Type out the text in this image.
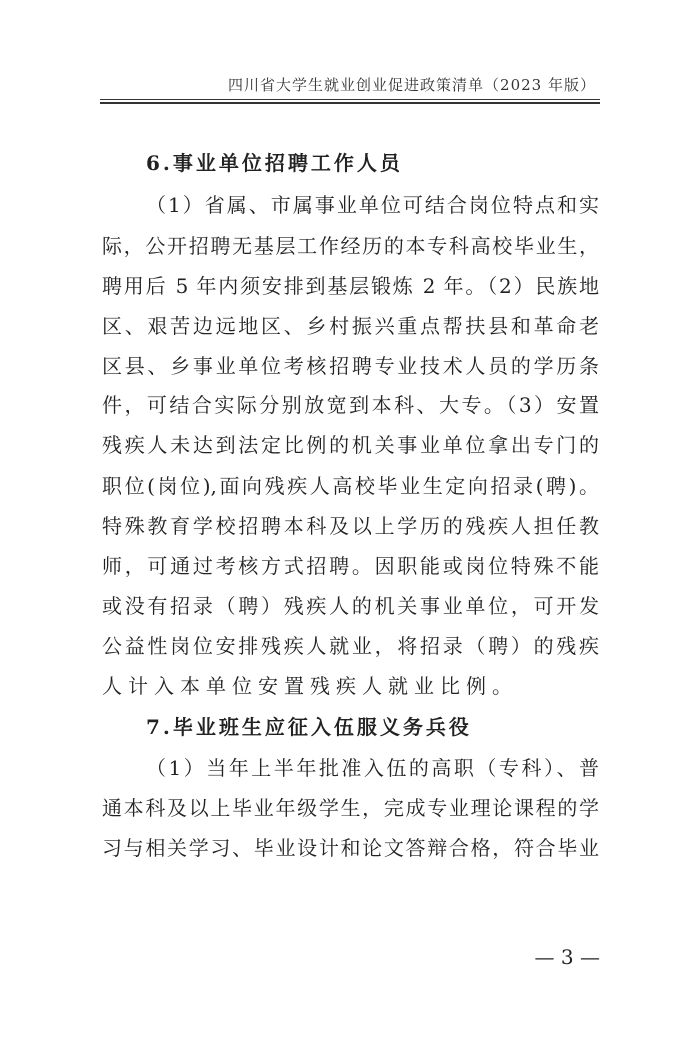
四川省大学生就业创业促进政策清单（2023 年版）
6.事业单位招聘工作人员
（1）省属、市属事业单位可结合岗位特点和实
际，公开招聘无基层工作经历的本专科高校毕业生，
聘用后 5 年内须安排到基层锻炼 2 年。（2）民族地
区、艰苦边远地区、乡村振兴重点帮扶县和革命老
区县、乡事业单位考核招聘专业技术人员的学历条
件，可结合实际分别放宽到本科、大专。（3）安置
残疾人未达到法定比例的机关事业单位拿出专门的
职位(岗位),面向残疾人高校毕业生定向招录(聘)。
特殊教育学校招聘本科及以上学历的残疾人担任教
师，可通过考核方式招聘。因职能或岗位特殊不能
或没有招录（聘）残疾人的机关事业单位，可开发
公益性岗位安排残疾人就业，将招录（聘）的残疾
人计入本单位安置残疾人就业比例。
7.毕业班生应征入伍服义务兵役
（1）当年上半年批准入伍的高职（专科）、普
通本科及以上毕业年级学生，完成专业理论课程的学
习与相关学习、毕业设计和论文答辩合格，符合毕业
— 3 —
